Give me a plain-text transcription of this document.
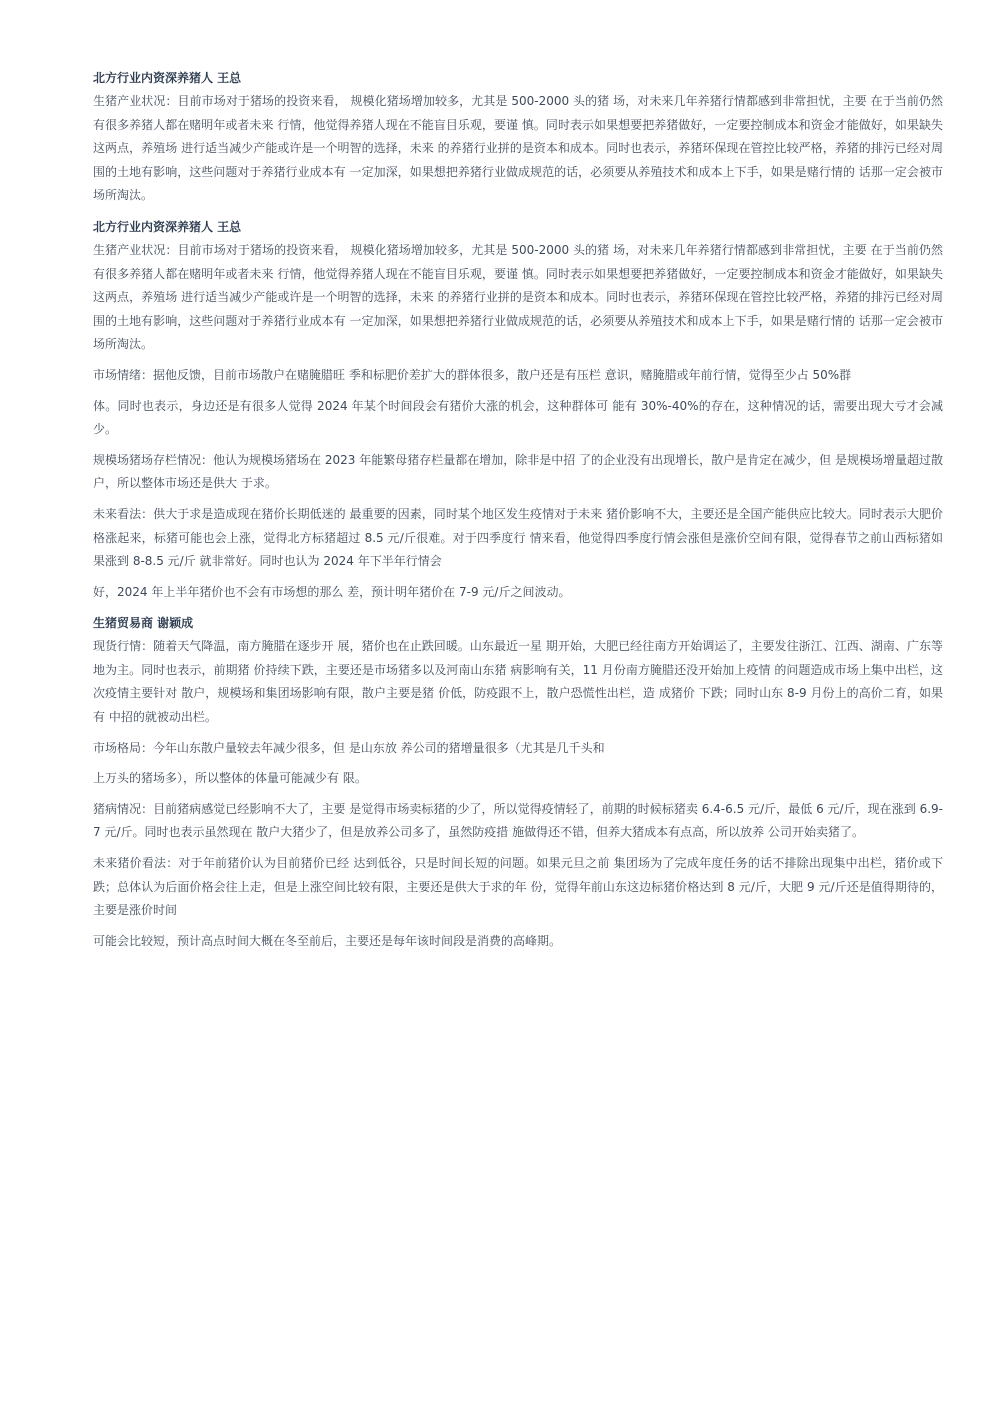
北方行业内资深养猪人 王总

生猪产业状况：目前市场对于猪场的投资来看， 规模化猪场增加较多，尤其是 500-2000 头的猪 场，对未来几年养猪行情都感到非常担忧，主要 在于当前仍然有很多养猪人都在赌明年或者未来 行情，他觉得养猪人现在不能盲目乐观，要谨 慎。同时表示如果想要把养猪做好，一定要控制成本和资金才能做好，如果缺失这两点，养殖场 进行适当减少产能或许是一个明智的选择，未来 的养猪行业拼的是资本和成本。同时也表示，养猪环保现在管控比较严格，养猪的排污已经对周 围的土地有影响，这些问题对于养猪行业成本有 一定加深，如果想把养猪行业做成规范的话，必须要从养殖技术和成本上下手，如果是赌行情的 话那一定会被市场所淘汰。

北方行业内资深养猪人 王总

生猪产业状况：目前市场对于猪场的投资来看， 规模化猪场增加较多，尤其是 500-2000 头的猪 场，对未来几年养猪行情都感到非常担忧，主要 在于当前仍然有很多养猪人都在赌明年或者未来 行情，他觉得养猪人现在不能盲目乐观，要谨 慎。同时表示如果想要把养猪做好，一定要控制成本和资金才能做好，如果缺失这两点，养殖场 进行适当减少产能或许是一个明智的选择，未来 的养猪行业拼的是资本和成本。同时也表示，养猪环保现在管控比较严格，养猪的排污已经对周 围的土地有影响，这些问题对于养猪行业成本有 一定加深，如果想把养猪行业做成规范的话，必须要从养殖技术和成本上下手，如果是赌行情的 话那一定会被市场所淘汰。

市场情绪：据他反馈，目前市场散户在赌腌腊旺 季和标肥价差扩大的群体很多，散户还是有压栏 意识，赌腌腊或年前行情，觉得至少占 50%群

体。同时也表示，身边还是有很多人觉得 2024 年某个时间段会有猪价大涨的机会，这种群体可 能有 30%-40%的存在，这种情况的话，需要出现大亏才会减少。

规模场猪场存栏情况：他认为规模场猪场在 2023 年能繁母猪存栏量都在增加，除非是中招 了的企业没有出现增长，散户是肯定在减少，但 是规模场增量超过散户，所以整体市场还是供大 于求。

未来看法：供大于求是造成现在猪价长期低迷的 最重要的因素，同时某个地区发生疫情对于未来 猪价影响不大，主要还是全国产能供应比较大。同时表示大肥价格涨起来，标猪可能也会上涨，觉得北方标猪超过 8.5 元/斤很难。对于四季度行 情来看，他觉得四季度行情会涨但是涨价空间有限，觉得春节之前山西标猪如果涨到 8-8.5 元/斤 就非常好。同时也认为 2024 年下半年行情会

好，2024 年上半年猪价也不会有市场想的那么 差，预计明年猪价在 7-9 元/斤之间波动。

生猪贸易商 谢颖成

现货行情：随着天气降温，南方腌腊在逐步开 展，猪价也在止跌回暖。山东最近一星 期开始，大肥已经往南方开始调运了，主要发往浙江、江西、湖南、广东等地为主。同时也表示，前期猪 价持续下跌，主要还是市场猪多以及河南山东猪 病影响有关，11 月份南方腌腊还没开始加上疫情 的问题造成市场上集中出栏，这次疫情主要针对 散户，规模场和集团场影响有限，散户主要是猪 价低，防疫跟不上，散户恐慌性出栏，造 成猪价 下跌；同时山东 8-9 月份上的高价二育，如果有 中招的就被动出栏。

市场格局：今年山东散户量较去年减少很多，但 是山东放 养公司的猪增量很多（尤其是几千头和

上万头的猪场多），所以整体的体量可能减少有 限。

猪病情况：目前猪病感觉已经影响不大了，主要 是觉得市场卖标猪的少了，所以觉得疫情轻了，前期的时候标猪卖 6.4-6.5 元/斤，最低 6 元/斤，现在涨到 6.9-7 元/斤。同时也表示虽然现在 散户大猪少了，但是放养公司多了，虽然防疫措 施做得还不错，但养大猪成本有点高，所以放养 公司开始卖猪了。

未来猪价看法：对于年前猪价认为目前猪价已经 达到低谷，只是时间长短的问题。如果元旦之前 集团场为了完成年度任务的话不排除出现集中出栏，猪价或下跌；总体认为后面价格会往上走，但是上涨空间比较有限，主要还是供大于求的年 份，觉得年前山东这边标猪价格达到 8 元/斤，大肥 9 元/斤还是值得期待的，主要是涨价时间

可能会比较短，预计高点时间大概在冬至前后，主要还是每年该时间段是消费的高峰期。
